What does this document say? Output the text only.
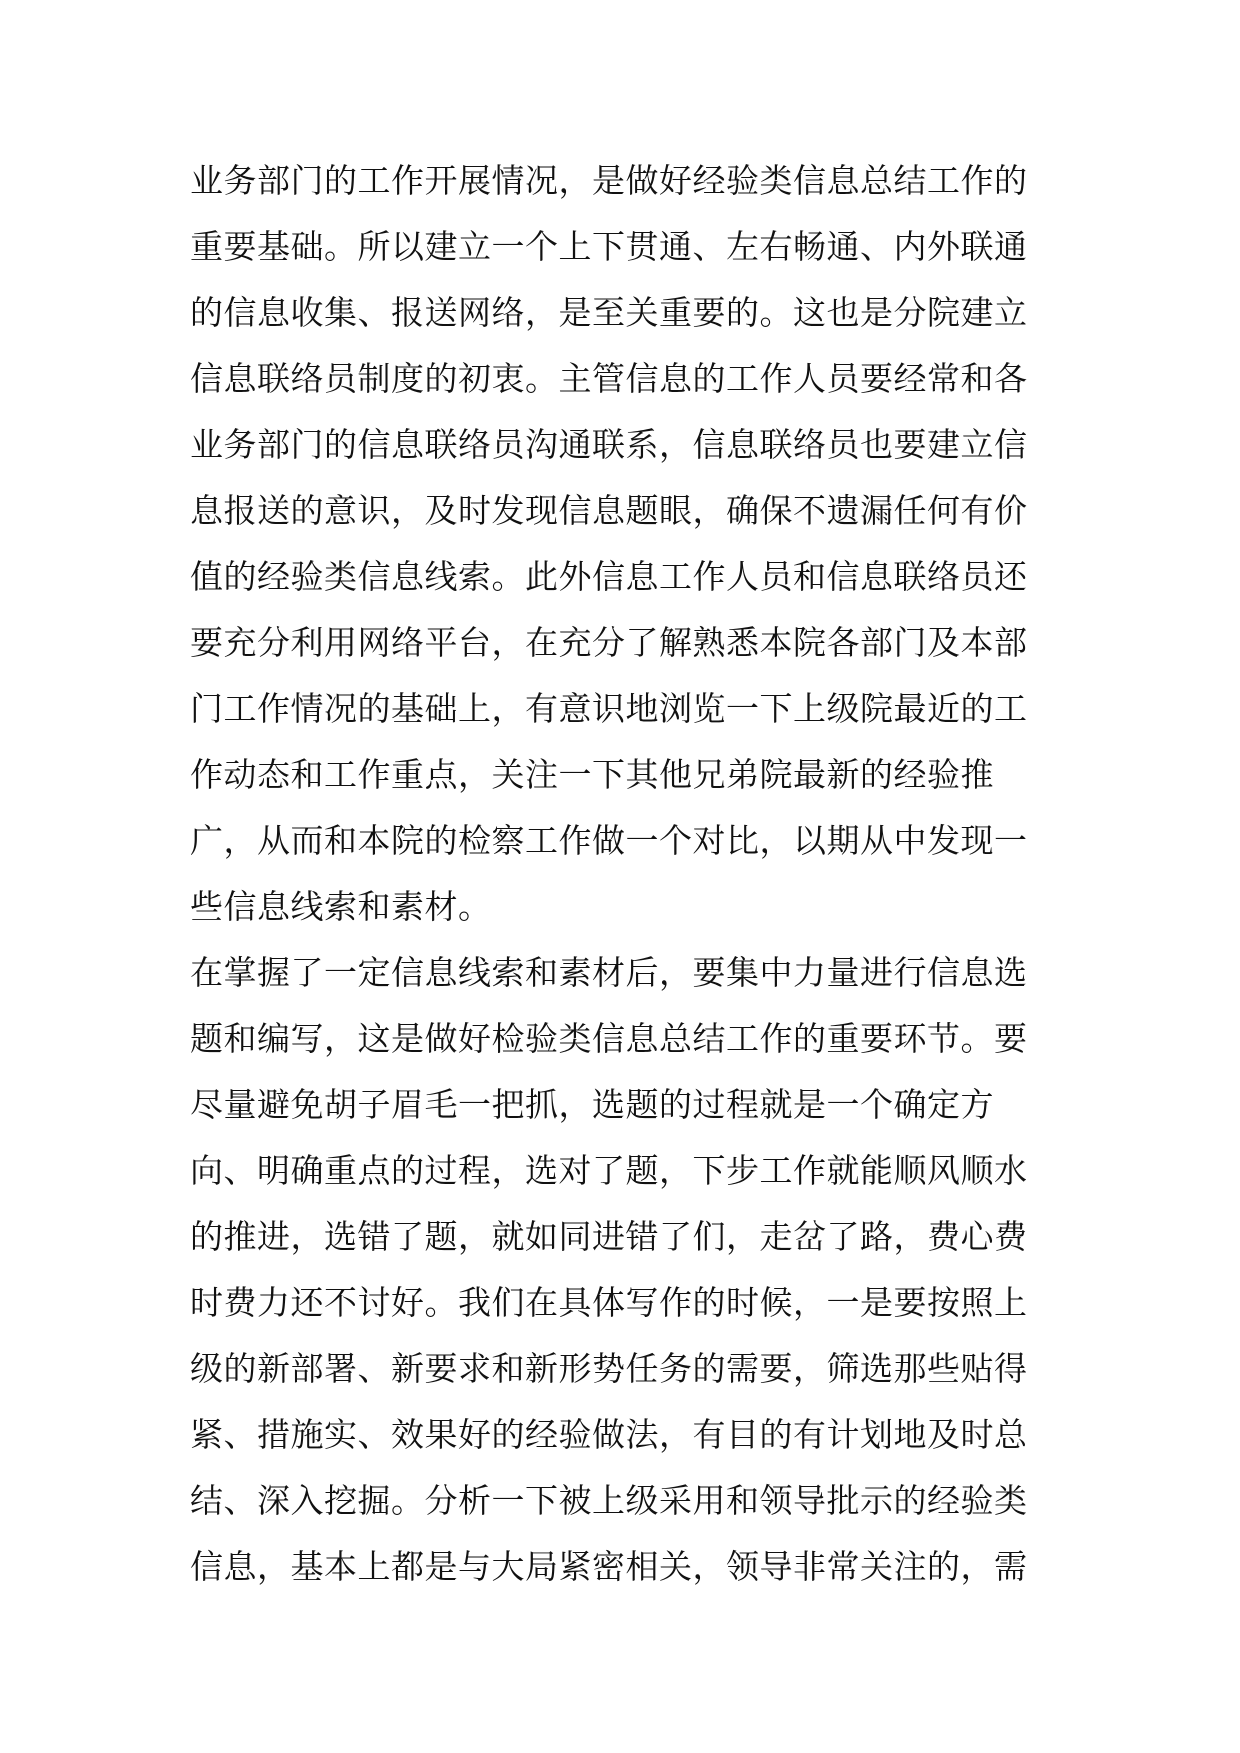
业务部门的工作开展情况，是做好经验类信息总结工作的
重要基础。所以建立一个上下贯通、左右畅通、内外联通
的信息收集、报送网络，是至关重要的。这也是分院建立
信息联络员制度的初衷。主管信息的工作人员要经常和各
业务部门的信息联络员沟通联系，信息联络员也要建立信
息报送的意识，及时发现信息题眼，确保不遗漏任何有价
值的经验类信息线索。此外信息工作人员和信息联络员还
要充分利用网络平台，在充分了解熟悉本院各部门及本部
门工作情况的基础上，有意识地浏览一下上级院最近的工
作动态和工作重点，关注一下其他兄弟院最新的经验推
广，从而和本院的检察工作做一个对比，以期从中发现一
些信息线索和素材。
在掌握了一定信息线索和素材后，要集中力量进行信息选
题和编写，这是做好检验类信息总结工作的重要环节。要
尽量避免胡子眉毛一把抓，选题的过程就是一个确定方
向、明确重点的过程，选对了题，下步工作就能顺风顺水
的推进，选错了题，就如同进错了们，走岔了路，费心费
时费力还不讨好。我们在具体写作的时候，一是要按照上
级的新部署、新要求和新形势任务的需要，筛选那些贴得
紧、措施实、效果好的经验做法，有目的有计划地及时总
结、深入挖掘。分析一下被上级采用和领导批示的经验类
信息，基本上都是与大局紧密相关，领导非常关注的，需
